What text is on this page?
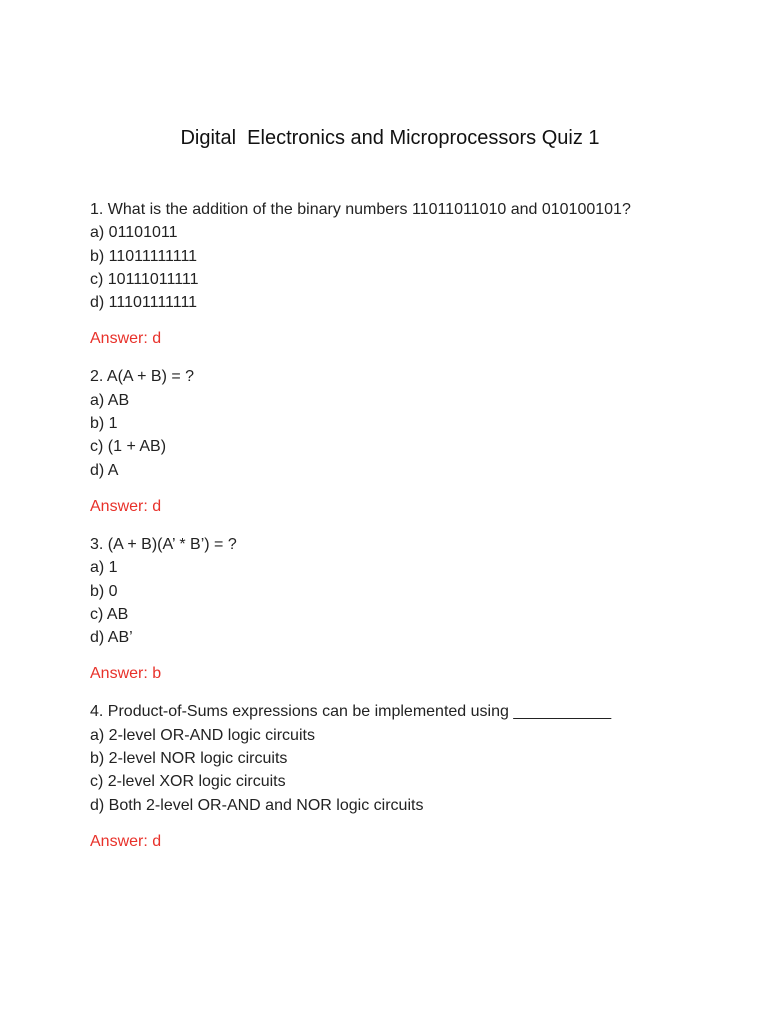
Digital  Electronics and Microprocessors Quiz 1
1. What is the addition of the binary numbers 11011011010 and 010100101?
a) 01101011
b) 11011111111
c) 10111011111
d) 11101111111
Answer: d
2. A(A + B) = ?
a) AB
b) 1
c) (1 + AB)
d) A
Answer: d
3. (A + B)(A’ * B’) = ?
a) 1
b) 0
c) AB
d) AB’
Answer: b
4. Product-of-Sums expressions can be implemented using ___________
a) 2-level OR-AND logic circuits
b) 2-level NOR logic circuits
c) 2-level XOR logic circuits
d) Both 2-level OR-AND and NOR logic circuits
Answer: d
